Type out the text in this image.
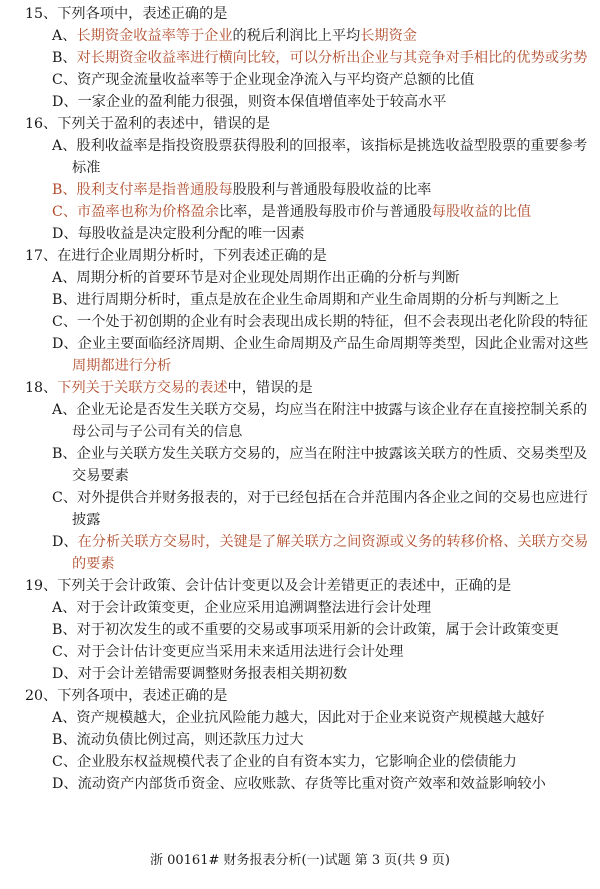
15、下列各项中，表述正确的是
A、长期资金收益率等于企业的税后利润比上平均长期资金
B、对长期资金收益率进行横向比较，可以分析出企业与其竞争对手相比的优势或劣势
C、资产现金流量收益率等于企业现金净流入与平均资产总额的比值
D、一家企业的盈利能力很强，则资本保值增值率处于较高水平
16、下列关于盈利的表述中，错误的是
A、股利收益率是指投资股票获得股利的回报率，该指标是挑选收益型股票的重要参考
标准
B、股利支付率是指普通股每股股利与普通股每股收益的比率
C、市盈率也称为价格盈余比率，是普通股每股市价与普通股每股收益的比值
D、每股收益是决定股利分配的唯一因素
17、在进行企业周期分析时，下列表述正确的是
A、周期分析的首要环节是对企业现处周期作出正确的分析与判断
B、进行周期分析时，重点是放在企业生命周期和产业生命周期的分析与判断之上
C、一个处于初创期的企业有时会表现出成长期的特征，但不会表现出老化阶段的特征
D、企业主要面临经济周期、企业生命周期及产品生命周期等类型，因此企业需对这些
周期都进行分析
18、下列关于关联方交易的表述中，错误的是
A、企业无论是否发生关联方交易，均应当在附注中披露与该企业存在直接控制关系的
母公司与子公司有关的信息
B、企业与关联方发生关联方交易的，应当在附注中披露该关联方的性质、交易类型及
交易要素
C、对外提供合并财务报表的，对于已经包括在合并范围内各企业之间的交易也应进行
披露
D、在分析关联方交易时，关键是了解关联方之间资源或义务的转移价格、关联方交易
的要素
19、下列关于会计政策、会计估计变更以及会计差错更正的表述中，正确的是
A、对于会计政策变更，企业应采用追溯调整法进行会计处理
B、对于初次发生的或不重要的交易或事项采用新的会计政策，属于会计政策变更
C、对于会计估计变更应当采用未来适用法进行会计处理
D、对于会计差错需要调整财务报表相关期初数
20、下列各项中，表述正确的是
A、资产规模越大，企业抗风险能力越大，因此对于企业来说资产规模越大越好
B、流动负债比例过高，则还款压力过大
C、企业股东权益规模代表了企业的自有资本实力，它影响企业的偿债能力
D、流动资产内部货币资金、应收账款、存货等比重对资产效率和效益影响较小
浙 00161# 财务报表分析(一)试题 第 3 页(共 9 页)
